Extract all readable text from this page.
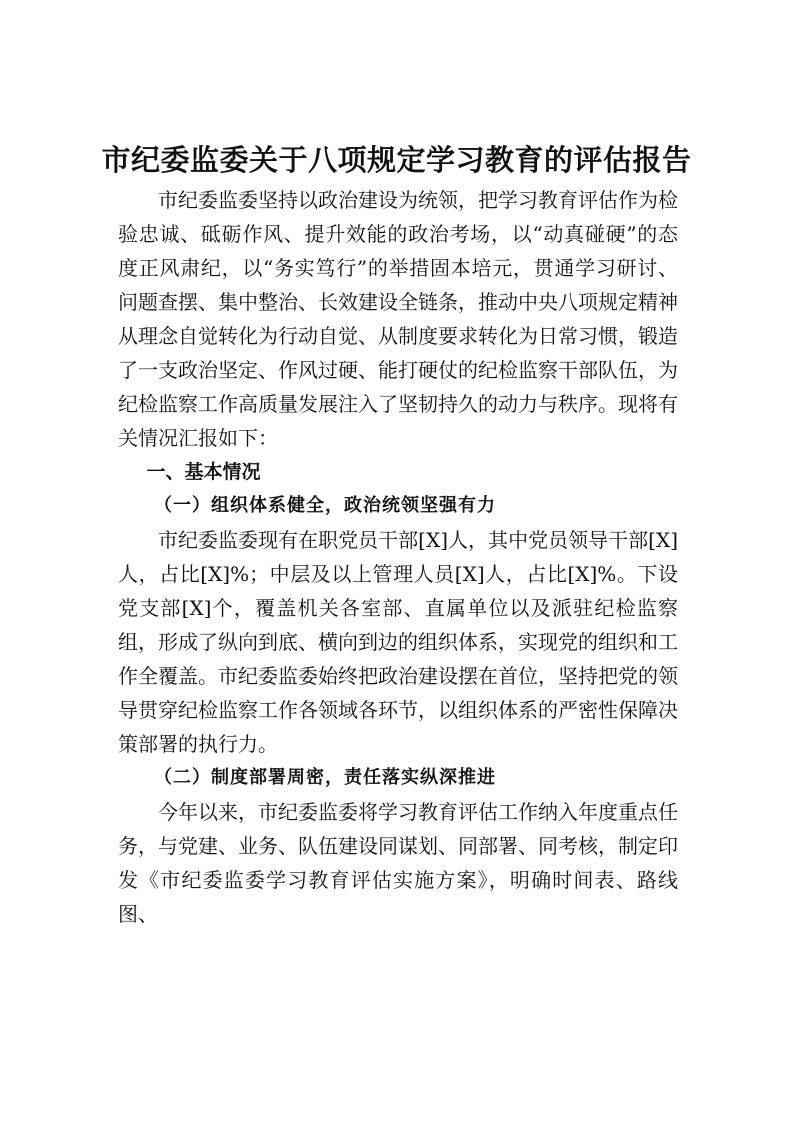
市纪委监委关于八项规定学习教育的评估报告

市纪委监委坚持以政治建设为统领，把学习教育评估作为检验忠诚、砥砺作风、提升效能的政治考场，以“动真碰硬”的态度正风肃纪，以“务实笃行”的举措固本培元，贯通学习研讨、问题查摆、集中整治、长效建设全链条，推动中央八项规定精神从理念自觉转化为行动自觉、从制度要求转化为日常习惯，锻造了一支政治坚定、作风过硬、能打硬仗的纪检监察干部队伍，为纪检监察工作高质量发展注入了坚韧持久的动力与秩序。现将有关情况汇报如下：

一、基本情况

（一）组织体系健全，政治统领坚强有力

市纪委监委现有在职党员干部[X]人，其中党员领导干部[X]人，占比[X]%；中层及以上管理人员[X]人，占比[X]%。下设党支部[X]个，覆盖机关各室部、直属单位以及派驻纪检监察组，形成了纵向到底、横向到边的组织体系，实现党的组织和工作全覆盖。市纪委监委始终把政治建设摆在首位，坚持把党的领导贯穿纪检监察工作各领域各环节，以组织体系的严密性保障决策部署的执行力。

（二）制度部署周密，责任落实纵深推进

今年以来，市纪委监委将学习教育评估工作纳入年度重点任务，与党建、业务、队伍建设同谋划、同部署、同考核，制定印发《市纪委监委学习教育评估实施方案》，明确时间表、路线图、
